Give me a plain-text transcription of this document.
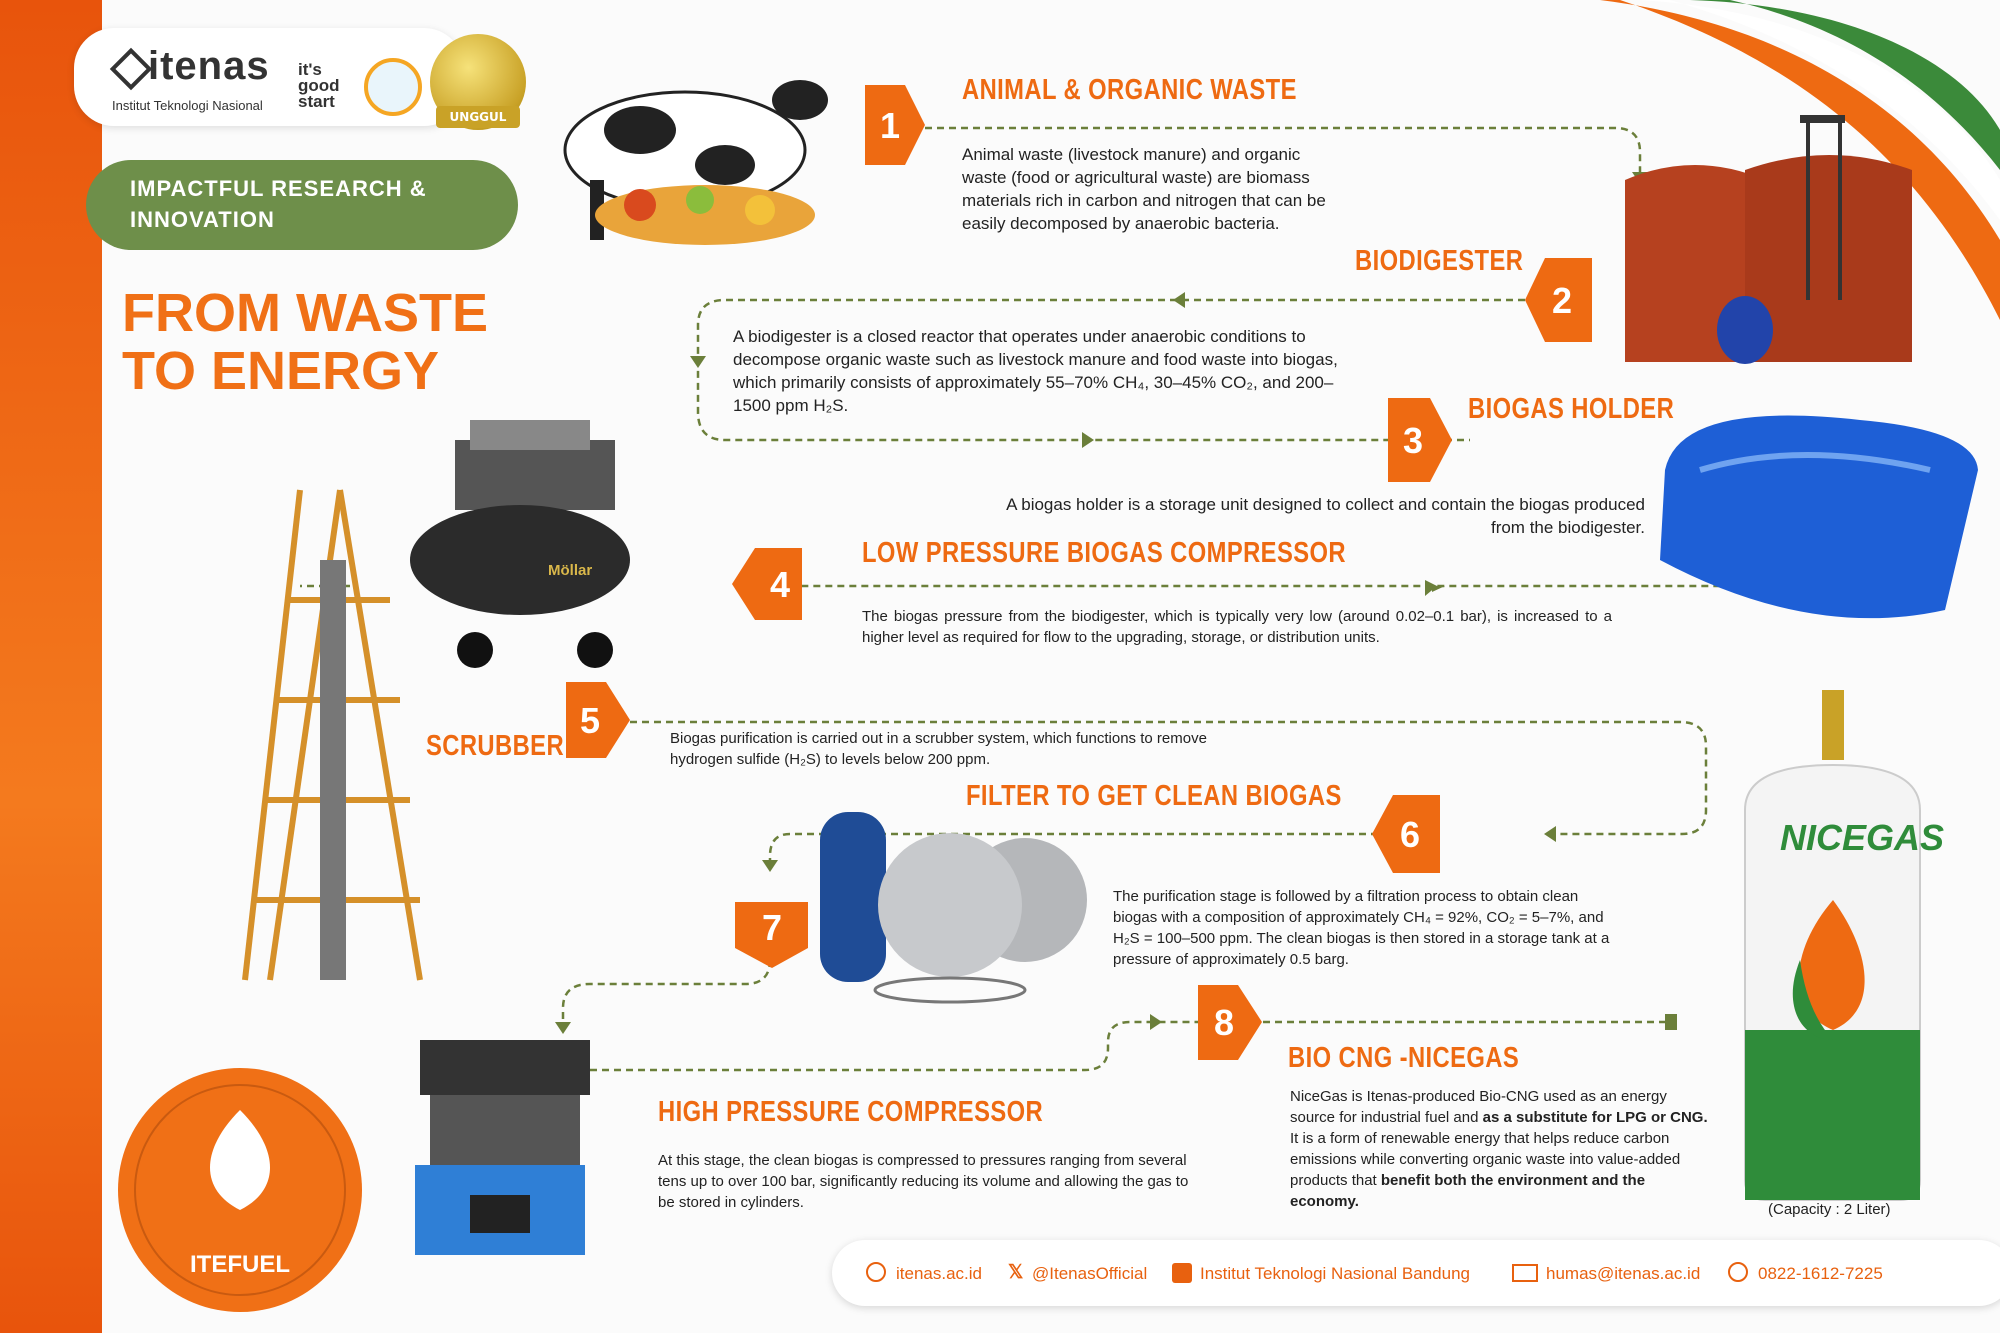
itenas
Institut Teknologi Nasional
it's
good
start
UNGGUL
IMPACTFUL RESEARCH & INNOVATION
FROM WASTE
TO ENERGY
Möllar
NICEGAS
ITEFUEL
1
2
3
4
5
6
7
8
ANIMAL & ORGANIC WASTE
BIODIGESTER
BIOGAS HOLDER
LOW PRESSURE BIOGAS COMPRESSOR
SCRUBBER
FILTER TO GET CLEAN BIOGAS
HIGH PRESSURE COMPRESSOR
BIO CNG -NICEGAS
Animal waste (livestock manure) and organic waste (food or agricultural waste) are biomass materials rich in carbon and nitrogen that can be easily decomposed by anaerobic bacteria.
A biodigester is a closed reactor that operates under anaerobic conditions to decompose organic waste such as livestock manure and food waste into biogas, which primarily consists of approximately 55–70% CH₄, 30–45% CO₂, and 200–1500 ppm H₂S.
A biogas holder is a storage unit designed to collect and contain the biogas produced from the biodigester.
The biogas pressure from the biodigester, which is typically very low (around 0.02–0.1 bar), is increased to a higher level as required for flow to the upgrading, storage, or distribution units.
Biogas purification is carried out in a scrubber system, which functions to remove hydrogen sulfide (H₂S) to levels below 200 ppm.
The purification stage is followed by a filtration process to obtain clean biogas with a composition of approximately CH₄ = 92%, CO₂ = 5–7%, and H₂S = 100–500 ppm. The clean biogas is then stored in a storage tank at a pressure of approximately 0.5 barg.
At this stage, the clean biogas is compressed to pressures ranging from several tens up to over 100 bar, significantly reducing its volume and allowing the gas to be stored in cylinders.
NiceGas is Itenas-produced Bio-CNG used as an energy source for industrial fuel and as a substitute for LPG or CNG. It is a form of renewable energy that helps reduce carbon emissions while converting organic waste into value-added products that benefit both the environment and the economy.	(Capacity : 2 Liter)
itenas.ac.id 𝕏 @ItenasOfficial	Institut Teknologi Nasional Bandung	humas@itenas.ac.id	0822-1612-7225
